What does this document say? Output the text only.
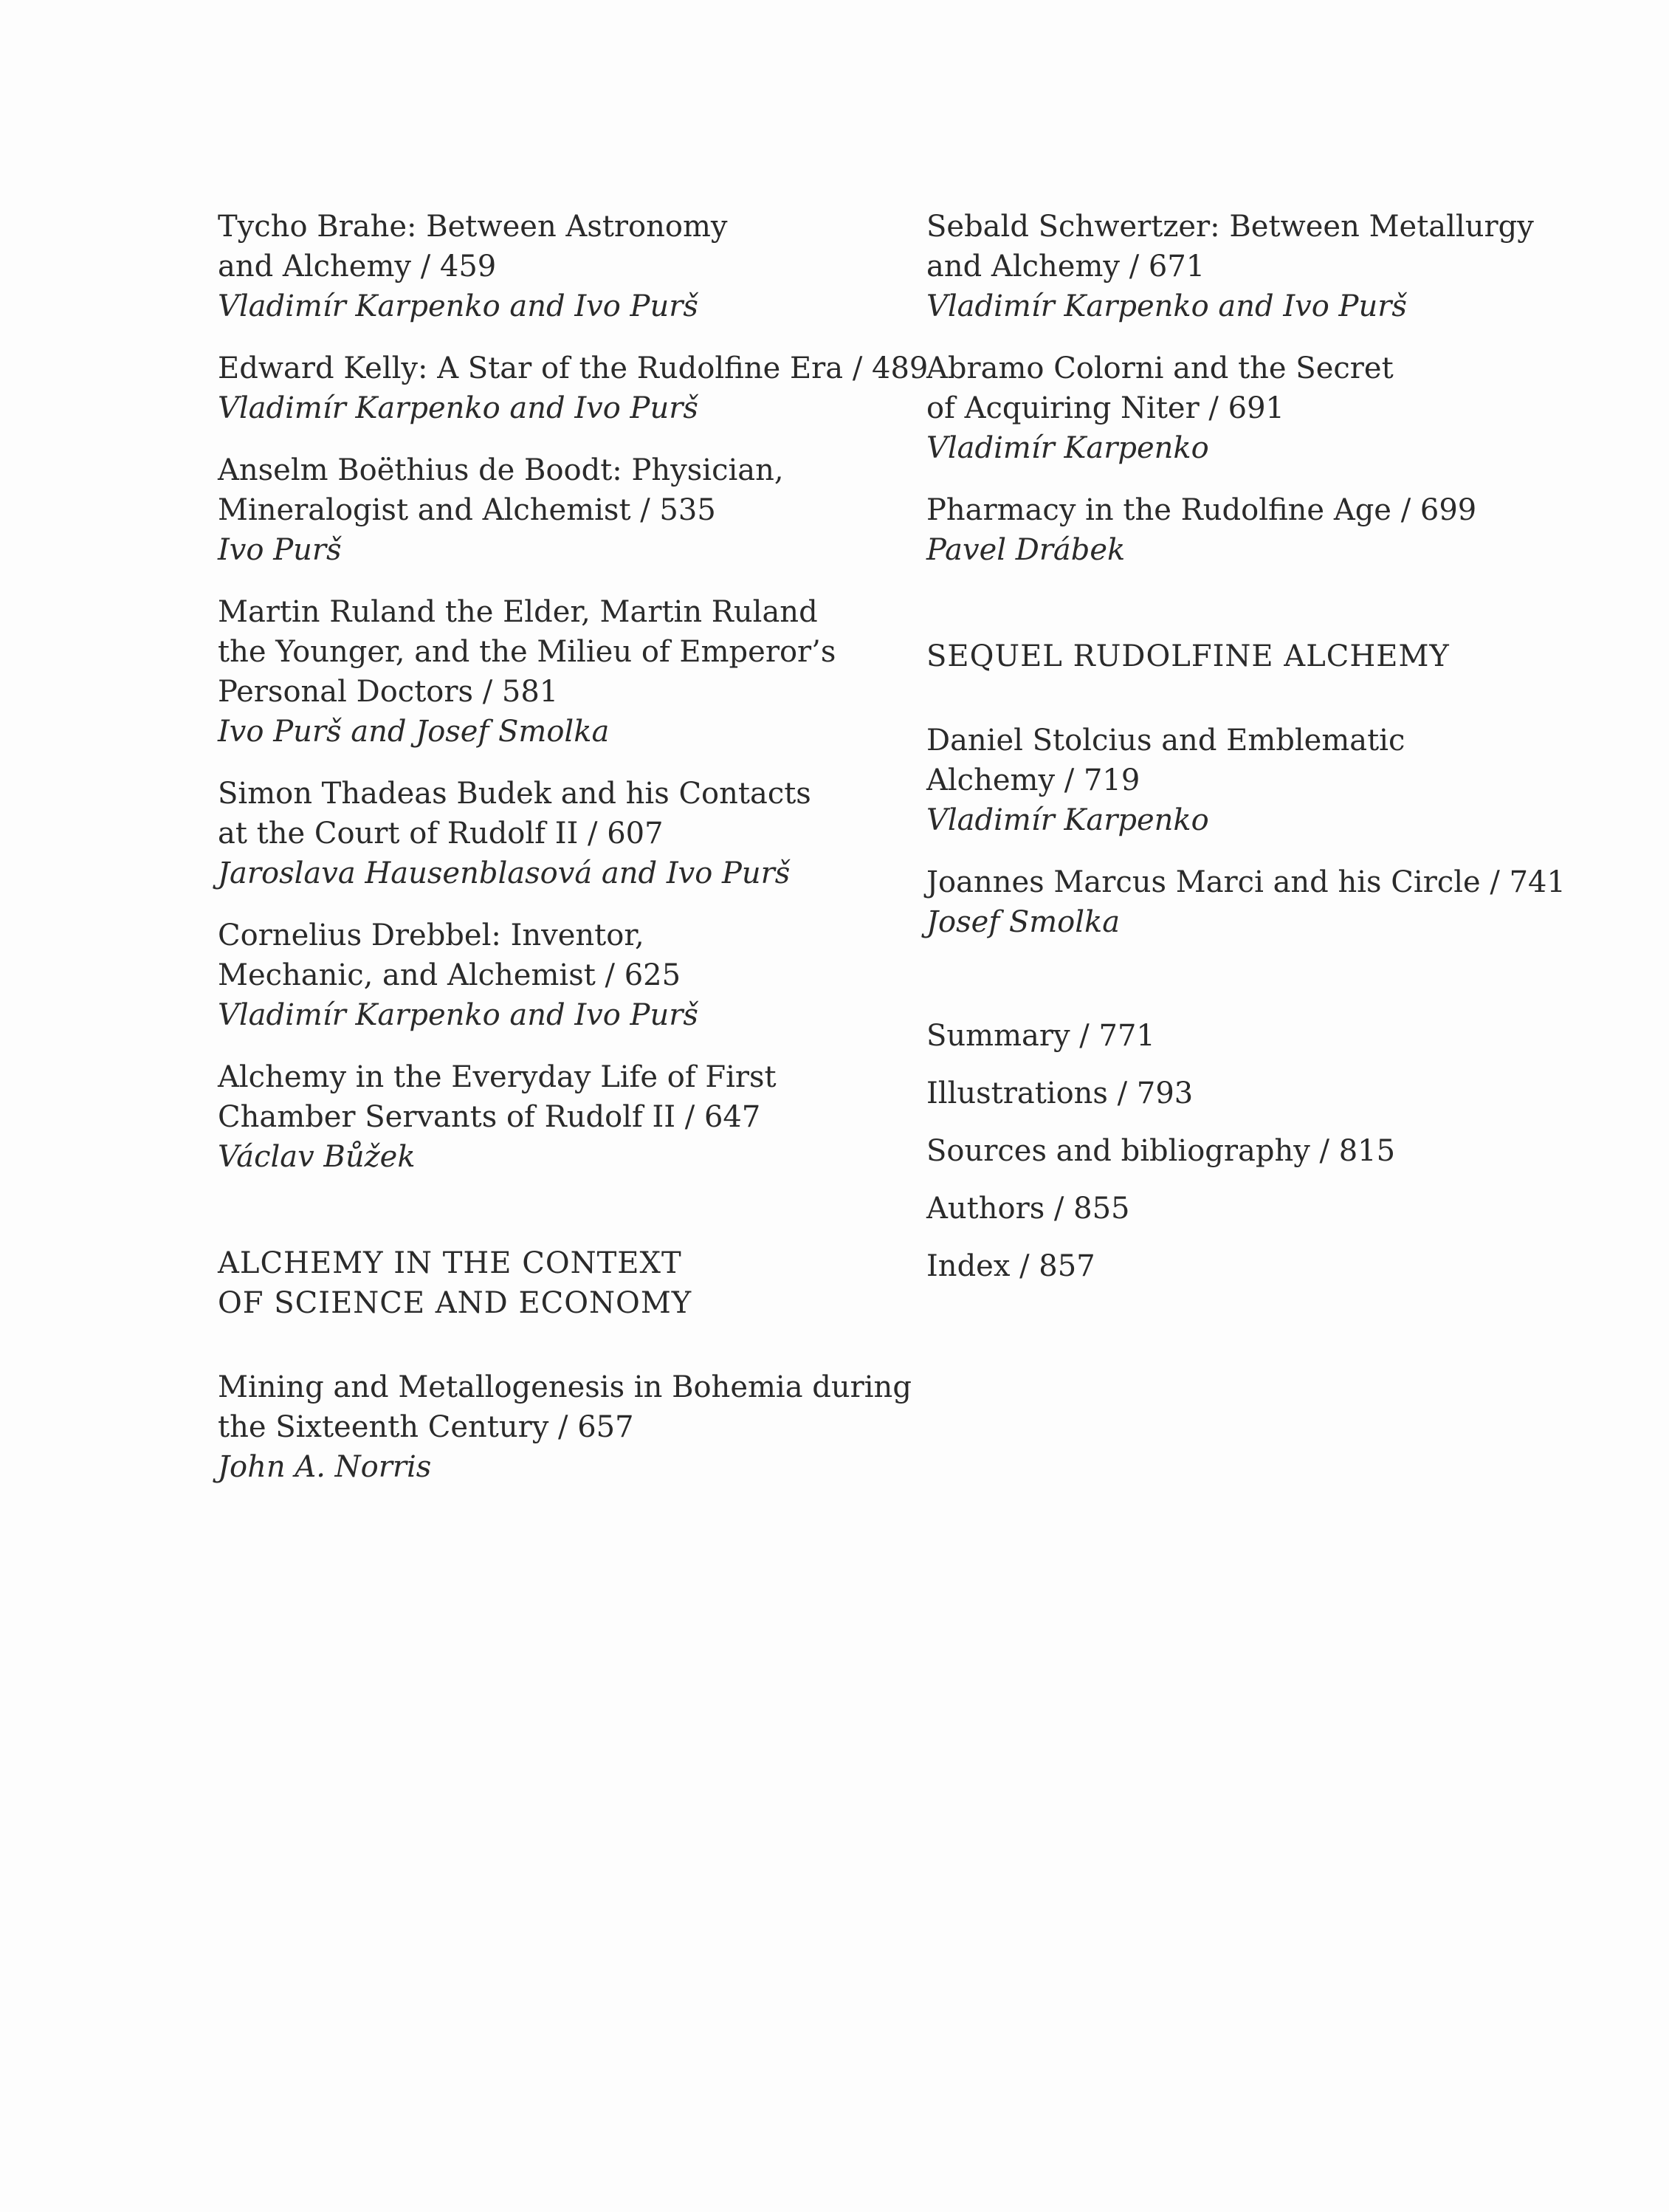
Tycho Brahe: Between Astronomy
and Alchemy / 459
Vladimír Karpenko and Ivo Purš
Edward Kelly: A Star of the Rudolfine Era / 489
Vladimír Karpenko and Ivo Purš
Anselm Boëthius de Boodt: Physician,
Mineralogist and Alchemist / 535
Ivo Purš
Martin Ruland the Elder, Martin Ruland
the Younger, and the Milieu of Emperor’s
Personal Doctors / 581
Ivo Purš and Josef Smolka
Simon Thadeas Budek and his Contacts
at the Court of Rudolf II / 607
Jaroslava Hausenblasová and Ivo Purš
Cornelius Drebbel: Inventor,
Mechanic, and Alchemist / 625
Vladimír Karpenko and Ivo Purš
Alchemy in the Everyday Life of First
Chamber Servants of Rudolf II / 647
Václav Bůžek
ALCHEMY IN THE CONTEXT
OF SCIENCE AND ECONOMY
Mining and Metallogenesis in Bohemia during
the Sixteenth Century / 657
John A. Norris
Sebald Schwertzer: Between Metallurgy
and Alchemy / 671
Vladimír Karpenko and Ivo Purš
Abramo Colorni and the Secret
of Acquiring Niter / 691
Vladimír Karpenko
Pharmacy in the Rudolfine Age / 699
Pavel Drábek
SEQUEL RUDOLFINE ALCHEMY
Daniel Stolcius and Emblematic
Alchemy / 719
Vladimír Karpenko
Joannes Marcus Marci and his Circle / 741
Josef Smolka
Summary / 771
Illustrations / 793
Sources and bibliography / 815
Authors / 855
Index / 857
